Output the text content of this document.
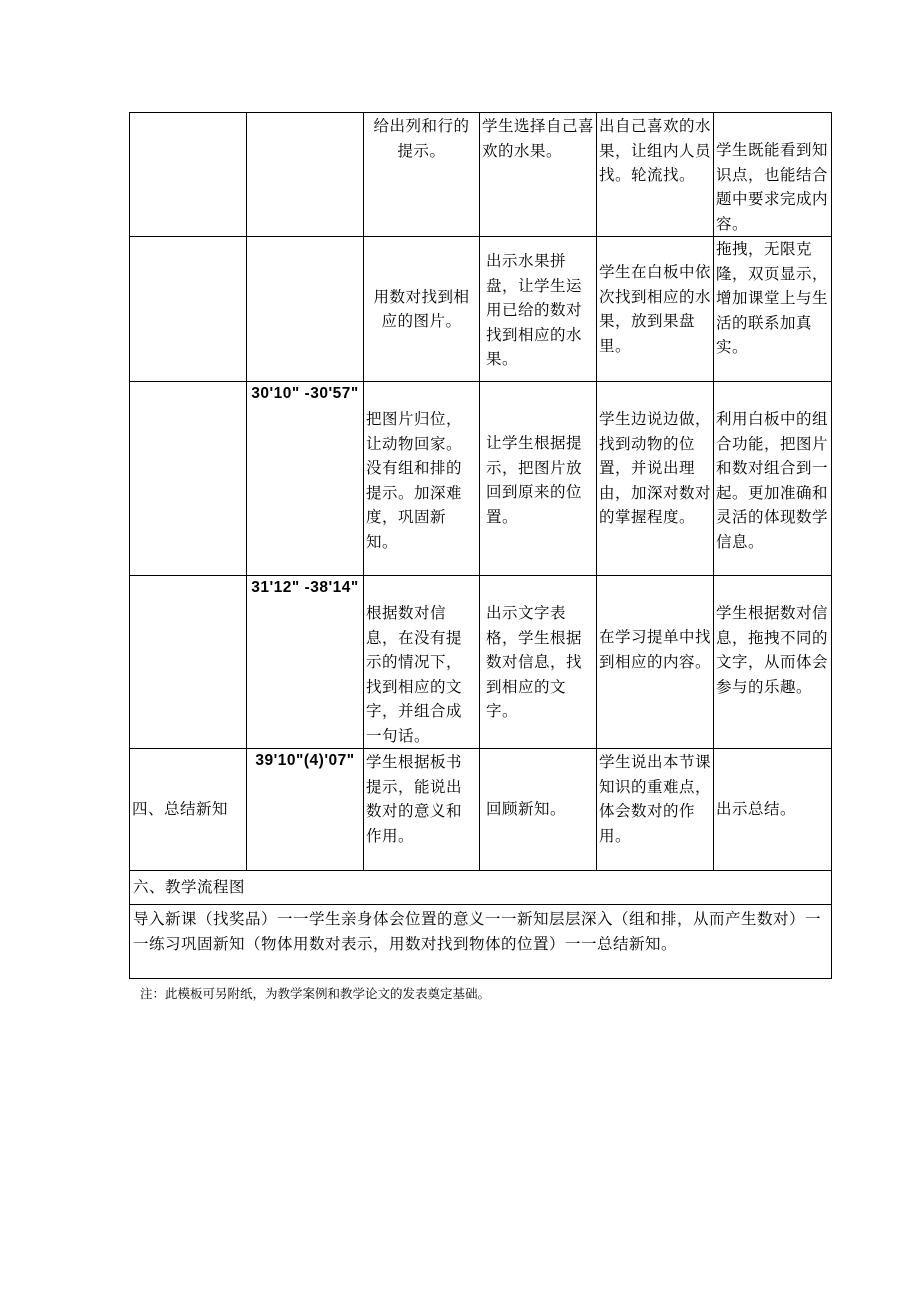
		给出列和行的提示。	学生选择自己喜欢的水果。	出自己喜欢的水果，让组内人员找。轮流找。	学生既能看到知识点，也能结合题中要求完成内容。
		用数对找到相应的图片。	出示水果拼盘，让学生运用已给的数对找到相应的水果。	学生在白板中依次找到相应的水果，放到果盘里。	拖拽，无限克隆，双页显示，增加课堂上与生活的联系加真实。
	30'10" -30'57"	把图片归位，让动物回家。没有组和排的提示。加深难度，巩固新知。	让学生根据提示，把图片放回到原来的位置。	学生边说边做，找到动物的位置，并说出理由，加深对数对的掌握程度。	利用白板中的组合功能，把图片和数对组合到一起。更加准确和灵活的体现数学信息。
	31'12" -38'14"	根据数对信息，在没有提示的情况下，找到相应的文字，并组合成一句话。	出示文字表格，学生根据数对信息，找到相应的文字。	在学习提单中找到相应的内容。	学生根据数对信息，拖拽不同的文字，从而体会参与的乐趣。
四、总结新知	39'10"(4)'07"	学生根据板书提示，能说出数对的意义和作用。	回顾新知。	学生说出本节课知识的重难点，体会数对的作用。	出示总结。
六、教学流程图					
导入新课（找奖品）一一学生亲身体会位置的意义一一新知层层深入（组和排，从而产生数对）一一练习巩固新知（物体用数对表示，用数对找到物体的位置）一一总结新知。					
注：此模板可另附纸，为教学案例和教学论文的发表奠定基础。
